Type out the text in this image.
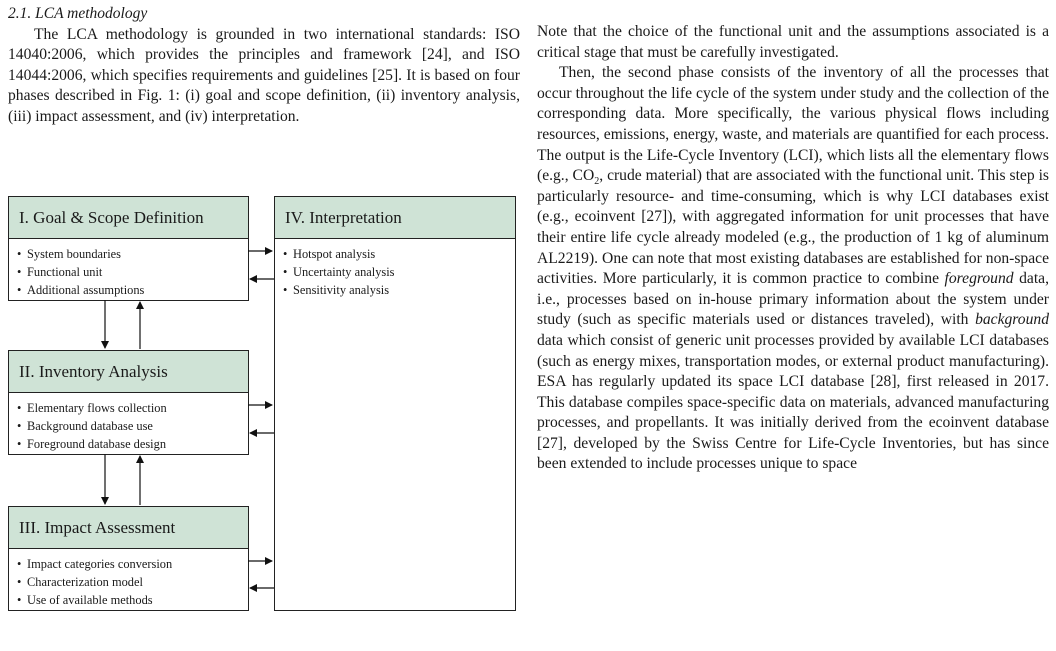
2.1. LCA methodology

The LCA methodology is grounded in two international standards: ISO 14040:2006, which provides the principles and framework [24], and ISO 14044:2006, which specifies requirements and guidelines [25]. It is based on four phases described in Fig. 1: (i) goal and scope definition, (ii) inventory analysis, (iii) impact assessment, and (iv) interpretation.

I. Goal & Scope Definition
• System boundaries
• Functional unit
• Additional assumptions
II. Inventory Analysis
• Elementary flows collection
• Background database use
• Foreground database design
III. Impact Assessment
• Impact categories conversion
• Characterization model
• Use of available methods
IV. Interpretation
• Hotspot analysis
• Uncertainty analysis
• Sensitivity analysis

Note that the choice of the functional unit and the assumptions associated is a critical stage that must be carefully investigated.

Then, the second phase consists of the inventory of all the processes that occur throughout the life cycle of the system under study and the collection of the corresponding data. More specifically, the various physical flows including resources, emissions, energy, waste, and materials are quantified for each process. The output is the Life-Cycle Inventory (LCI), which lists all the elementary flows (e.g., $CO_2$, crude material) that are associated with the functional unit. This step is particularly resource- and time-consuming, which is why LCI databases exist (e.g., ecoinvent [27]), with aggregated information for unit processes that have their entire life cycle already modeled (e.g., the production of 1 kg of aluminum AL2219). One can note that most existing databases are established for non-space activities. More particularly, it is common practice to combine foreground data, i.e., processes based on in-house primary information about the system under study (such as specific materials used or distances traveled), with background data which consist of generic unit processes provided by available LCI databases (such as energy mixes, transportation modes, or external product manufacturing). ESA has regularly updated its space LCI database [28], first released in 2017. This database compiles space-specific data on materials, advanced manufacturing processes, and propellants. It was initially derived from the ecoinvent database [27], developed by the Swiss Centre for Life-Cycle Inventories, but has since been extended to include processes unique to space
